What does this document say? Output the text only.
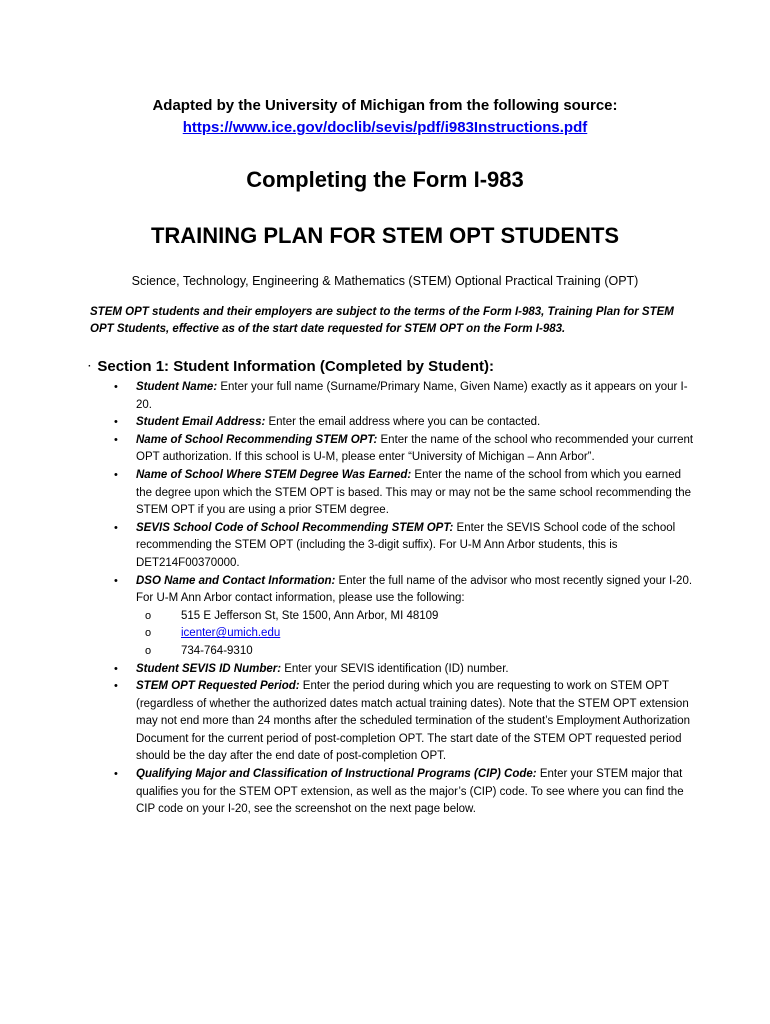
Adapted by the University of Michigan from the following source:
https://www.ice.gov/doclib/sevis/pdf/i983Instructions.pdf
Completing the Form I-983
TRAINING PLAN FOR STEM OPT STUDENTS
Science, Technology, Engineering & Mathematics (STEM) Optional Practical Training (OPT)
STEM OPT students and their employers are subject to the terms of the Form I-983, Training Plan for STEM OPT Students, effective as of the start date requested for STEM OPT on the Form I-983.
· Section 1: Student Information (Completed by Student):
• Student Name: Enter your full name (Surname/Primary Name, Given Name) exactly as it appears on your I-20.
• Student Email Address: Enter the email address where you can be contacted.
• Name of School Recommending STEM OPT: Enter the name of the school who recommended your current OPT authorization. If this school is U-M, please enter “University of Michigan – Ann Arbor”.
• Name of School Where STEM Degree Was Earned: Enter the name of the school from which you earned the degree upon which the STEM OPT is based. This may or may not be the same school recommending the STEM OPT if you are using a prior STEM degree.
• SEVIS School Code of School Recommending STEM OPT: Enter the SEVIS School code of the school recommending the STEM OPT (including the 3-digit suffix). For U-M Ann Arbor students, this is DET214F00370000.
• DSO Name and Contact Information: Enter the full name of the advisor who most recently signed your I-20. For U-M Ann Arbor contact information, please use the following:
o	515 E Jefferson St, Ste 1500, Ann Arbor, MI 48109
o	icenter@umich.edu
o	734-764-9310
• Student SEVIS ID Number: Enter your SEVIS identification (ID) number.
• STEM OPT Requested Period: Enter the period during which you are requesting to work on STEM OPT (regardless of whether the authorized dates match actual training dates). Note that the STEM OPT extension may not end more than 24 months after the scheduled termination of the student’s Employment Authorization Document for the current period of post-completion OPT. The start date of the STEM OPT requested period should be the day after the end date of post-completion OPT.
• Qualifying Major and Classification of Instructional Programs (CIP) Code: Enter your STEM major that qualifies you for the STEM OPT extension, as well as the major’s (CIP) code. To see where you can find the CIP code on your I-20, see the screenshot on the next page below.
